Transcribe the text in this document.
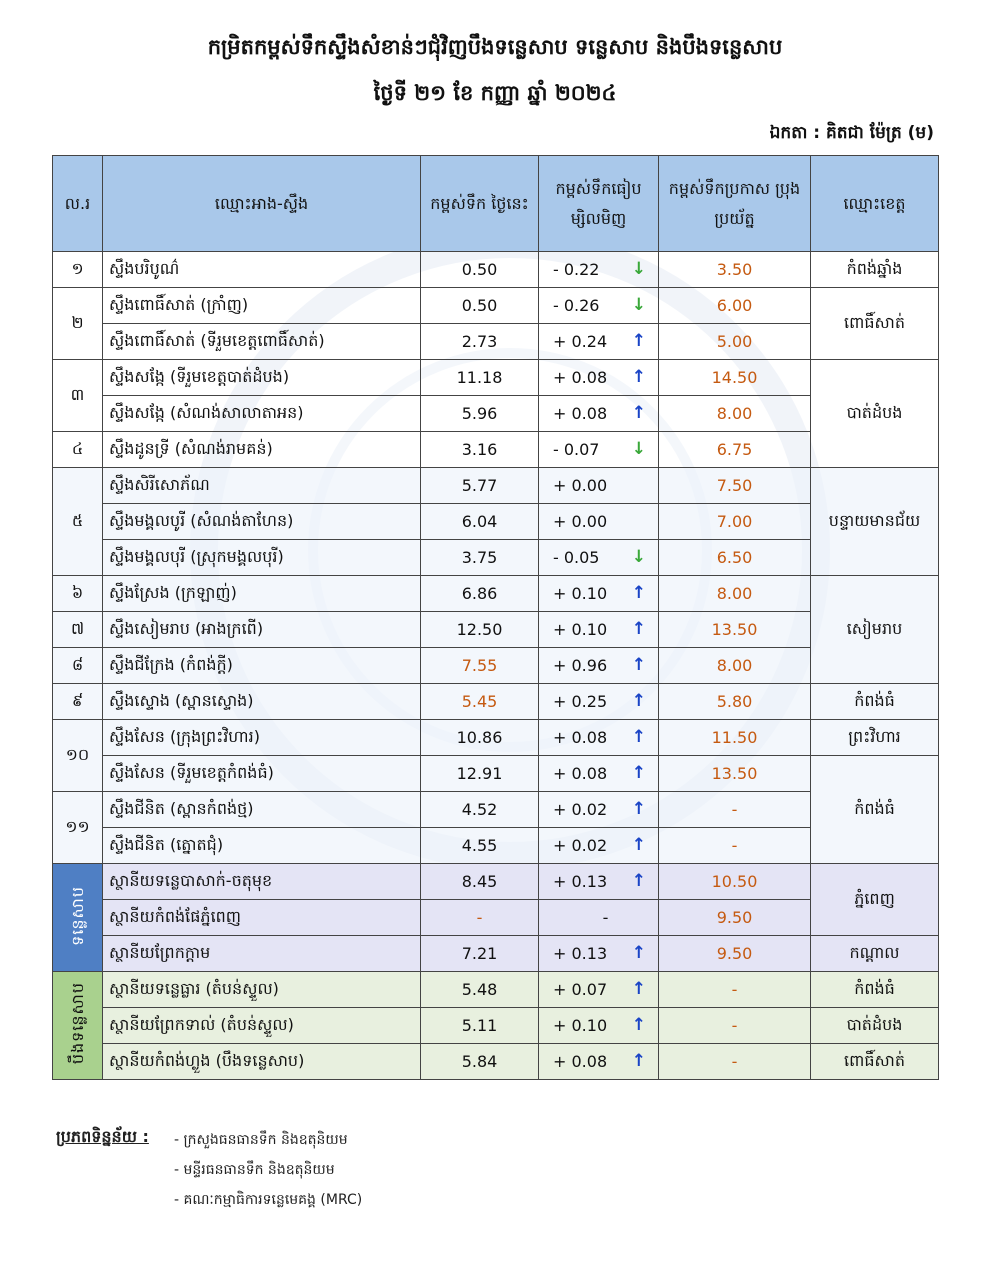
កម្រិតកម្ពស់ទឹកស្ទឹងសំខាន់ៗជុំវិញបឹងទន្លេសាប ទន្លេសាប និងបឹងទន្លេសាប
ថ្ងៃទី ២១ ខែ កញ្ញា ឆ្នាំ ២០២៤
ឯកតា : គិតជា ម៉ែត្រ (ម)
ល.រ	ឈ្មោះអាង-ស្ទឹង	កម្ពស់ទឹក ថ្ងៃនេះ	កម្ពស់ទឹកធៀប ម្សិលមិញ	កម្ពស់ទឹកប្រកាស ប្រុងប្រយ័ត្ន	ឈ្មោះខេត្ត
១	ស្ទឹងបរិបូណ៌	0.50	- 0.22 ↓	3.50	កំពង់ឆ្នាំង
២	ស្ទឹងពោធិ៍សាត់ (ក្រាំញ)	0.50	- 0.26 ↓	6.00	ពោធិ៍សាត់
	ស្ទឹងពោធិ៍សាត់ (ទីរួមខេត្តពោធិ៍សាត់)	2.73	+ 0.24 ↑	5.00	
៣	ស្ទឹងសង្កែ (ទីរួមខេត្តបាត់ដំបង)	11.18	+ 0.08 ↑	14.50	បាត់ដំបង
	ស្ទឹងសង្កែ (សំណង់សាលាតាអន)	5.96	+ 0.08 ↑	8.00	
៤	ស្ទឹងដូនទ្រី (សំណង់រាមគន់)	3.16	- 0.07 ↓	6.75	
៥	ស្ទឹងសិរីសោភ័ណ	5.77	+ 0.00	7.50	បន្ទាយមានជ័យ
	ស្ទឹងមង្គលបូរី (សំណង់តាហែន)	6.04	+ 0.00	7.00	
	ស្ទឹងមង្គលបុរី (ស្រុកមង្គលបុរី)	3.75	- 0.05 ↓	6.50	
៦	ស្ទឹងស្រែង (ក្រឡាញ់)	6.86	+ 0.10 ↑	8.00	សៀមរាប
៧	ស្ទឹងសៀមរាប (អាងក្រពើ)	12.50	+ 0.10 ↑	13.50	
៨	ស្ទឹងជីក្រែង (កំពង់ក្តី)	7.55	+ 0.96 ↑	8.00	
៩	ស្ទឹងស្ទោង (ស្ពានស្ទោង)	5.45	+ 0.25 ↑	5.80	កំពង់ធំ
១០	ស្ទឹងសែន (ក្រុងព្រះវិហារ)	10.86	+ 0.08 ↑	11.50	ព្រះវិហារ
	ស្ទឹងសែន (ទីរួមខេត្តកំពង់ធំ)	12.91	+ 0.08 ↑	13.50	កំពង់ធំ
១១	ស្ទឹងជីនិត (ស្ពានកំពង់ថ្ម)	4.52	+ 0.02 ↑	-	
	ស្ទឹងជីនិត (ត្នោតជុំ)	4.55	+ 0.02 ↑	-	
ទន្លេសាប	ស្ថានីយទន្លេបាសាក់-ចតុមុខ	8.45	+ 0.13 ↑	10.50	ភ្នំពេញ
	ស្ថានីយកំពង់ផែភ្នំពេញ	-	-	9.50	
	ស្ថានីយព្រែកក្តាម	7.21	+ 0.13 ↑	9.50	កណ្តាល
បឹងទន្លេសាប	ស្ថានីយទន្លេធ្លារ (តំបន់ស្ទួល)	5.48	+ 0.07 ↑	-	កំពង់ធំ
	ស្ថានីយព្រែកទាល់ (តំបន់ស្ទួល)	5.11	+ 0.10 ↑	-	បាត់ដំបង
	ស្ថានីយកំពង់ហ្លួង (បឹងទន្លេសាប)	5.84	+ 0.08 ↑	-	ពោធិ៍សាត់
ប្រភពទិន្នន័យ : - ក្រសួងធនធានទឹក និងឧតុនិយម
- មន្ទីរធនធានទឹក និងឧតុនិយម
- គណៈកម្មាធិការទន្លេមេគង្គ (MRC)
